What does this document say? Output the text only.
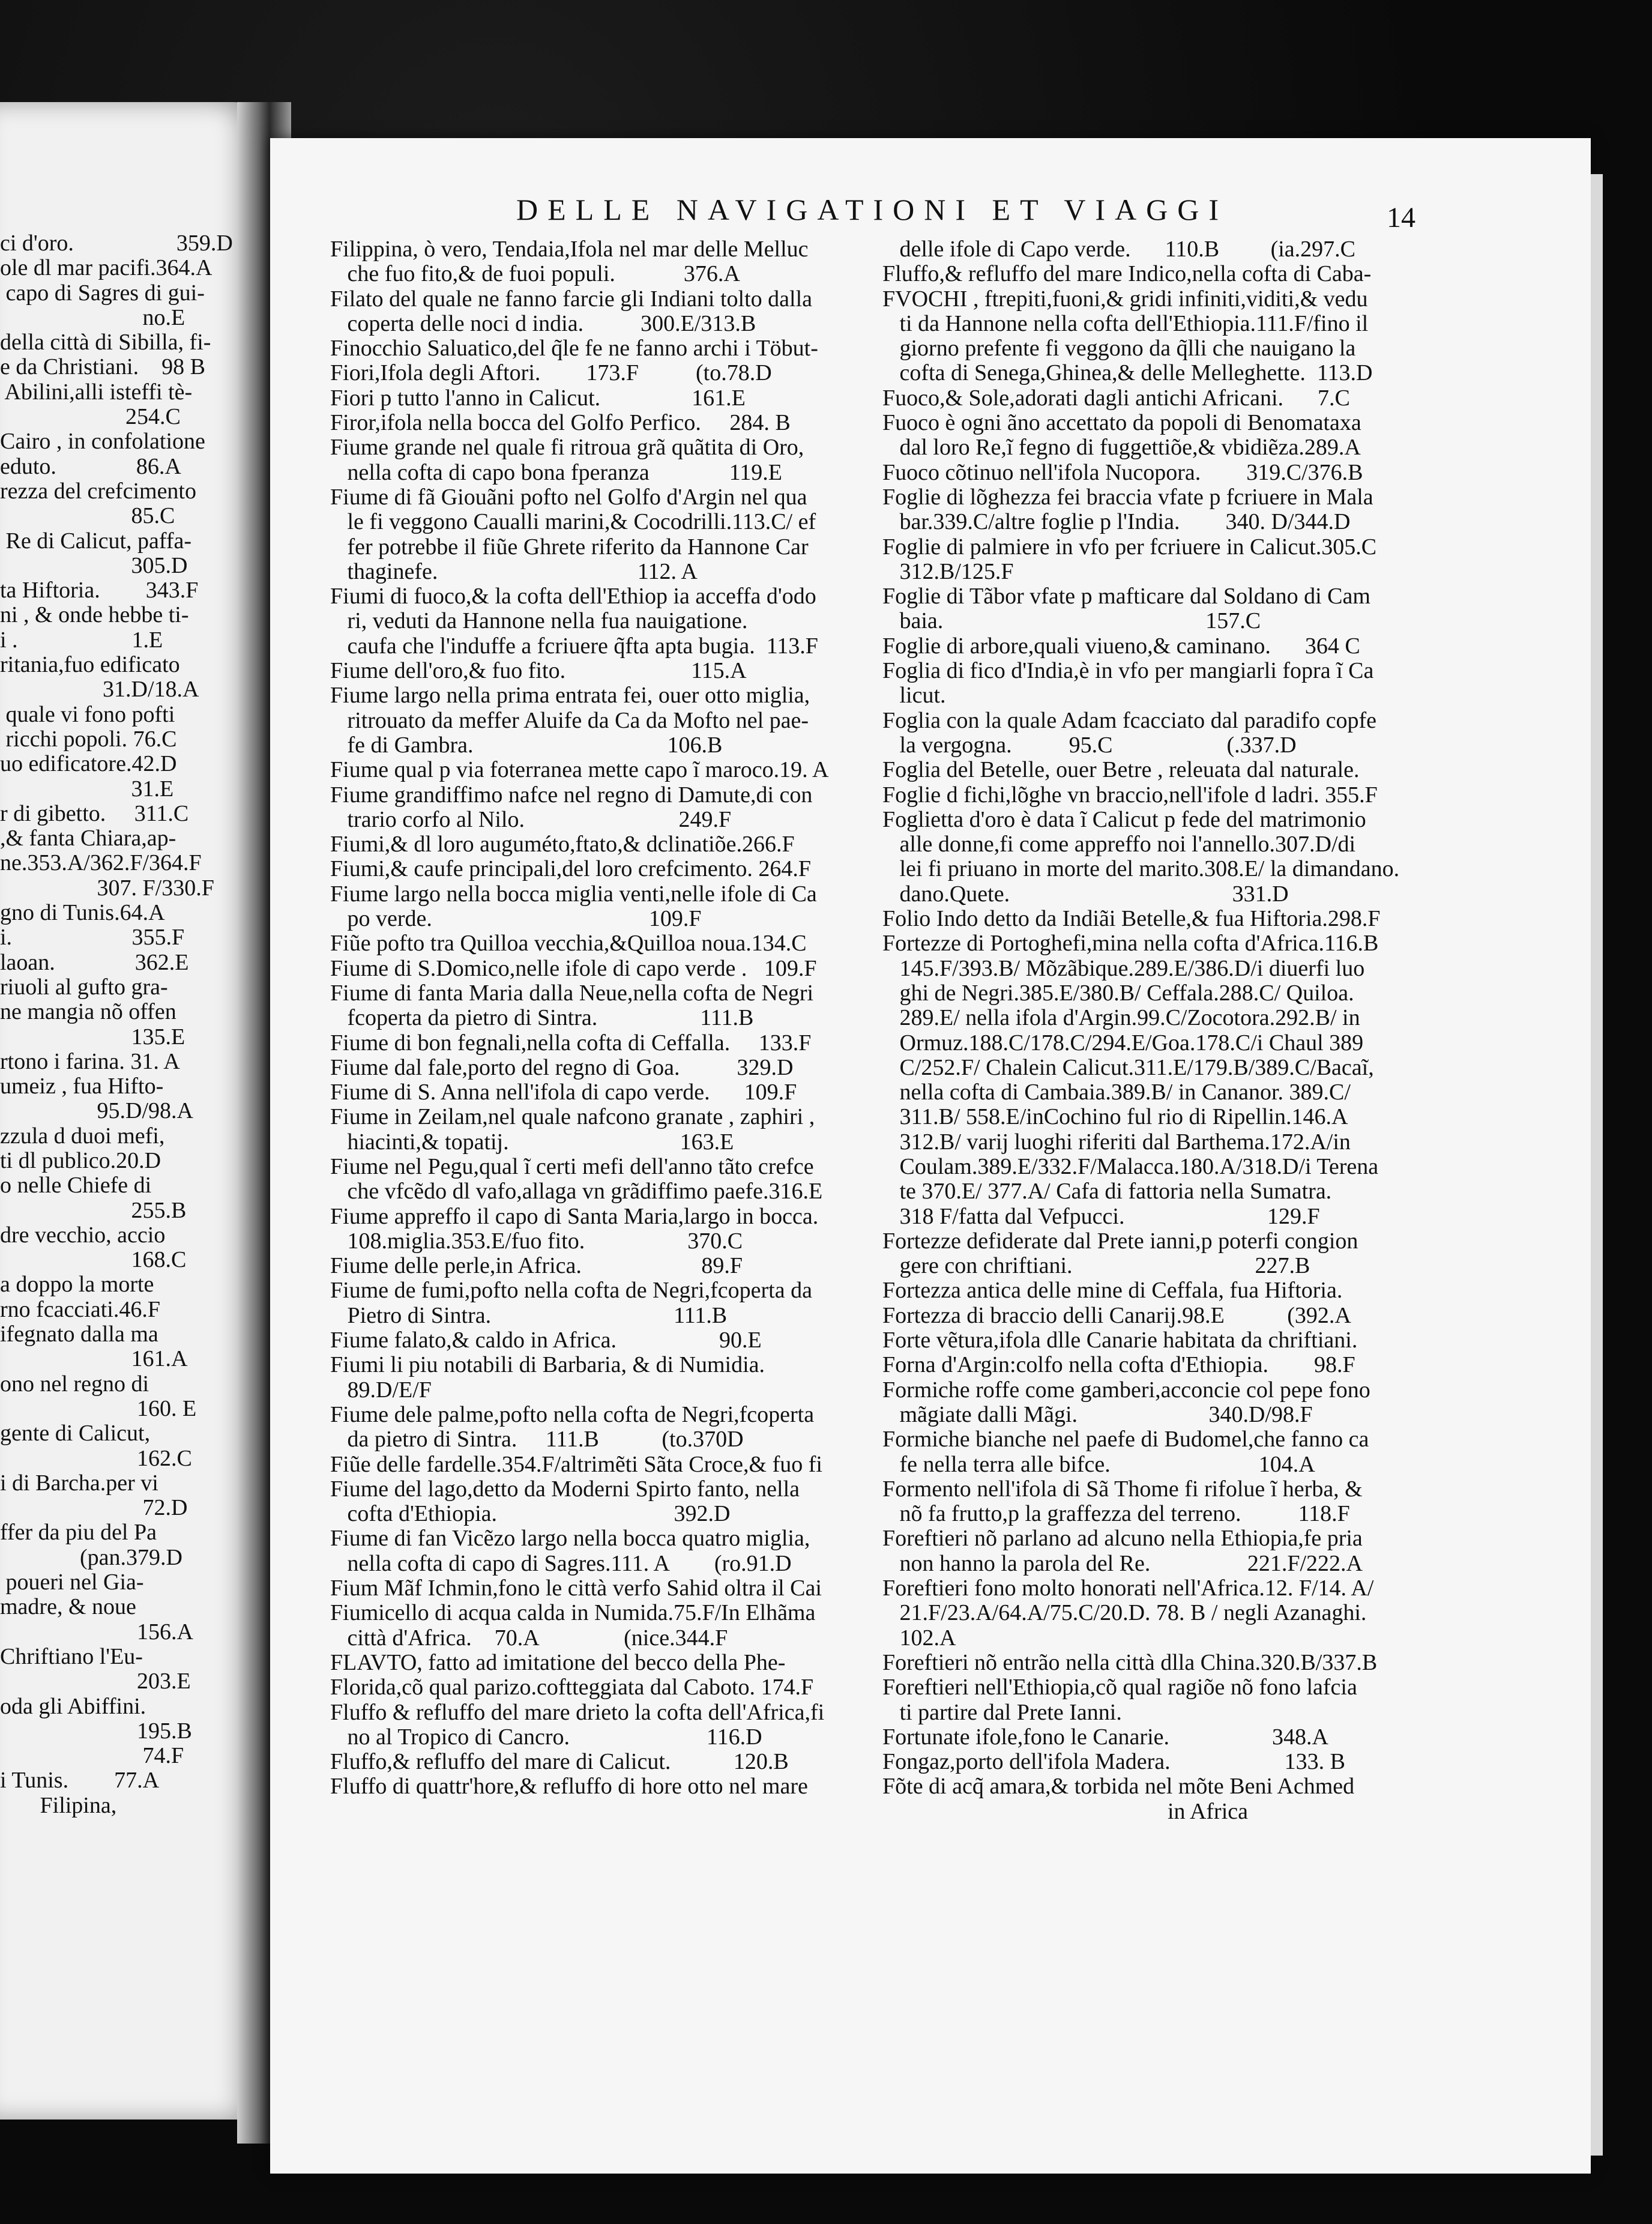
ci d'oro.                  359.D
ole dl mar pacifi.364.A
capo di Sagres di gui-
no.E
della città di Sibilla, fi-
e da Christiani.    98 B
Abilini,alli isteffi tè-
254.C
Cairo , in confolatione
eduto.              86.A
rezza del crefcimento
85.C
Re di Calicut, paffa-
305.D
ta Hiftoria.        343.F
ni , & onde hebbe ti-
i .                    1.E
ritania,fuo edificato
31.D/18.A
quale vi fono pofti
ricchi popoli. 76.C
uo edificatore.42.D
31.E
r di gibetto.     311.C
,& fanta Chiara,ap-
ne.353.A/362.F/364.F
307. F/330.F
gno di Tunis.64.A
i.                     355.F
laoan.              362.E
riuoli al gufto gra-
ne mangia nõ offen
135.E
rtono i farina. 31. A
umeiz , fua Hifto-
95.D/98.A
zzula d duoi mefi,
ti dl publico.20.D
o nelle Chiefe di
255.B
dre vecchio, accio
168.C
a doppo la morte
rno fcacciati.46.F
ifegnato dalla ma
161.A
ono nel regno di
160. E
gente di Calicut,
162.C
i di Barcha.per vi
72.D
ffer da piu del Pa
(pan.379.D
poueri nel Gia-
madre, & noue
156.A
Chriftiano l'Eu-
203.E
oda gli Abiffini.
195.B
74.F
i Tunis.        77.A
Filipina,
DELLE NAVIGATIONI ET VIAGGI	14
Filippina, ò vero, Tendaia,Ifola nel mar delle Melluc
che fuo fito,& de fuoi populi.            376.A
Filato del quale ne fanno farcie gli Indiani tolto dalla
coperta delle noci d india.          300.E/313.B
Finocchio Saluatico,del q̃le fe ne fanno archi i Töbut-
Fiori,Ifola degli Aftori.        173.F          (to.78.D
Fiori p tutto l'anno in Calicut.                161.E
Firor,ifola nella bocca del Golfo Perfico.     284. B
Fiume grande nel quale fi ritroua grã quãtita di Oro,
nella cofta di capo bona fperanza              119.E
Fiume di fã Giouãni pofto nel Golfo d'Argin nel qua
le fi veggono Caualli marini,& Cocodrilli.113.C/ ef
fer potrebbe il fiũe Ghrete riferito da Hannone Car
thaginefe.                                   112. A
Fiumi di fuoco,& la cofta dell'Ethiop ia acceffa d'odo
ri, veduti da Hannone nella fua nauigatione.
caufa che l'induffe a fcriuere q̃fta apta bugia.  113.F
Fiume dell'oro,& fuo fito.                      115.A
Fiume largo nella prima entrata fei, ouer otto miglia,
ritrouato da meffer Aluife da Ca da Mofto nel pae-
fe di Gambra.                                  106.B
Fiume qual p via foterranea mette capo ĩ maroco.19. A
Fiume grandiffimo nafce nel regno di Damute,di con
trario corfo al Nilo.                           249.F
Fiumi,& dl loro auguméto,ftato,& dclinatiõe.266.F
Fiumi,& caufe principali,del loro crefcimento. 264.F
Fiume largo nella bocca miglia venti,nelle ifole di Ca
po verde.                                      109.F
Fiũe pofto tra Quilloa vecchia,&Quilloa noua.134.C
Fiume di S.Domico,nelle ifole di capo verde .   109.F
Fiume di fanta Maria dalla Neue,nella cofta de Negri
fcoperta da pietro di Sintra.                  111.B
Fiume di bon fegnali,nella cofta di Ceffalla.     133.F
Fiume dal fale,porto del regno di Goa.          329.D
Fiume di S. Anna nell'ifola di capo verde.      109.F
Fiume in Zeilam,nel quale nafcono granate , zaphiri ,
hiacinti,& topatij.                              163.E
Fiume nel Pegu,qual ĩ certi mefi dell'anno tãto crefce
che vfcẽdo dl vafo,allaga vn grãdiffimo paefe.316.E
Fiume appreffo il capo di Santa Maria,largo in bocca.
108.miglia.353.E/fuo fito.                  370.C
Fiume delle perle,in Africa.                     89.F
Fiume de fumi,pofto nella cofta de Negri,fcoperta da
Pietro di Sintra.                                111.B
Fiume falato,& caldo in Africa.                  90.E
Fiumi li piu notabili di Barbaria, & di Numidia.
89.D/E/F
Fiume dele palme,pofto nella cofta de Negri,fcoperta
da pietro di Sintra.     111.B           (to.370D
Fiũe delle fardelle.354.F/altrimẽti Sãta Croce,& fuo fi
Fiume del lago,detto da Moderni Spirto fanto, nella
cofta d'Ethiopia.                               392.D
Fiume di fan Vicẽzo largo nella bocca quatro miglia,
nella cofta di capo di Sagres.111. A        (ro.91.D
Fium Mãf Ichmin,fono le città verfo Sahid oltra il Cai
Fiumicello di acqua calda in Numida.75.F/In Elhãma
città d'Africa.    70.A               (nice.344.F
FLAVTO, fatto ad imitatione del becco della Phe-
Florida,cõ qual parizo.coftteggiata dal Caboto. 174.F
Fluffo & refluffo del mare drieto la cofta dell'Africa,fi
no al Tropico di Cancro.                        116.D
Fluffo,& refluffo del mare di Calicut.           120.B
Fluffo di quattr'hore,& refluffo di hore otto nel mare
delle ifole di Capo verde.      110.B         (ia.297.C
Fluffo,& refluffo del mare Indico,nella cofta di Caba-
FVOCHI , ftrepiti,fuoni,& gridi infiniti,viditi,& vedu
ti da Hannone nella cofta dell'Ethiopia.111.F/fino il
giorno prefente fi veggono da q̃lli che nauigano la
cofta di Senega,Ghinea,& delle Melleghette.  113.D
Fuoco,& Sole,adorati dagli antichi Africani.      7.C
Fuoco è ogni ãno accettato da popoli di Benomataxa
dal loro Re,ĩ fegno di fuggettiõe,& vbidiẽza.289.A
Fuoco cõtinuo nell'ifola Nucopora.        319.C/376.B
Foglie di lõghezza fei braccia vfate p fcriuere in Mala
bar.339.C/altre foglie p l'India.        340. D/344.D
Foglie di palmiere in vfo per fcriuere in Calicut.305.C
312.B/125.F
Foglie di Tãbor vfate p mafticare dal Soldano di Cam
baia.                                              157.C
Foglie di arbore,quali viueno,& caminano.      364 C
Foglia di fico d'India,è in vfo per mangiarli fopra ĩ Ca
licut.
Foglia con la quale Adam fcacciato dal paradifo copfe
la vergogna.          95.C                    (.337.D
Foglia del Betelle, ouer Betre , releuata dal naturale.
Foglie d fichi,lõghe vn braccio,nell'ifole d ladri. 355.F
Foglietta d'oro è data ĩ Calicut p fede del matrimonio
alle donne,fi come appreffo noi l'annello.307.D/di
lei fi priuano in morte del marito.308.E/ la dimandano.
dano.Quete.                                       331.D
Folio Indo detto da Indiãi Betelle,& fua Hiftoria.298.F
Fortezze di Portoghefi,mina nella cofta d'Africa.116.B
145.F/393.B/ Mõzãbique.289.E/386.D/i diuerfi luo
ghi de Negri.385.E/380.B/ Ceffala.288.C/ Quiloa.
289.E/ nella ifola d'Argin.99.C/Zocotora.292.B/ in
Ormuz.188.C/178.C/294.E/Goa.178.C/i Chaul 389
C/252.F/ Chalein Calicut.311.E/179.B/389.C/Bacaĩ,
nella cofta di Cambaia.389.B/ in Cananor. 389.C/
311.B/ 558.E/inCochino ful rio di Ripellin.146.A
312.B/ varij luoghi riferiti dal Barthema.172.A/in
Coulam.389.E/332.F/Malacca.180.A/318.D/i Terena
te 370.E/ 377.A/ Cafa di fattoria nella Sumatra.
318 F/fatta dal Vefpucci.                         129.F
Fortezze defiderate dal Prete ianni,p poterfi congion
gere con chriftiani.                                227.B
Fortezza antica delle mine di Ceffala, fua Hiftoria.
Fortezza di braccio delli Canarij.98.E           (392.A
Forte vẽtura,ifola dlle Canarie habitata da chriftiani.
Forna d'Argin:colfo nella cofta d'Ethiopia.        98.F
Formiche roffe come gamberi,acconcie col pepe fono
mãgiate dalli Mãgi.                       340.D/98.F
Formiche bianche nel paefe di Budomel,che fanno ca
fe nella terra alle bifce.                          104.A
Formento nell'ifola di Sã Thome fi rifolue ĩ herba, &
nõ fa frutto,p la graffezza del terreno.          118.F
Foreftieri nõ parlano ad alcuno nella Ethiopia,fe pria
non hanno la parola del Re.                 221.F/222.A
Foreftieri fono molto honorati nell'Africa.12. F/14. A/
21.F/23.A/64.A/75.C/20.D. 78. B / negli Azanaghi.
102.A
Foreftieri nõ entrão nella città dlla China.320.B/337.B
Foreftieri nell'Ethiopia,cõ qual ragiõe nõ fono lafcia
ti partire dal Prete Ianni.
Fortunate ifole,fono le Canarie.                  348.A
Fongaz,porto dell'ifola Madera.                    133. B
Fõte di acq̃ amara,& torbida nel mõte Beni Achmed
in Africa
